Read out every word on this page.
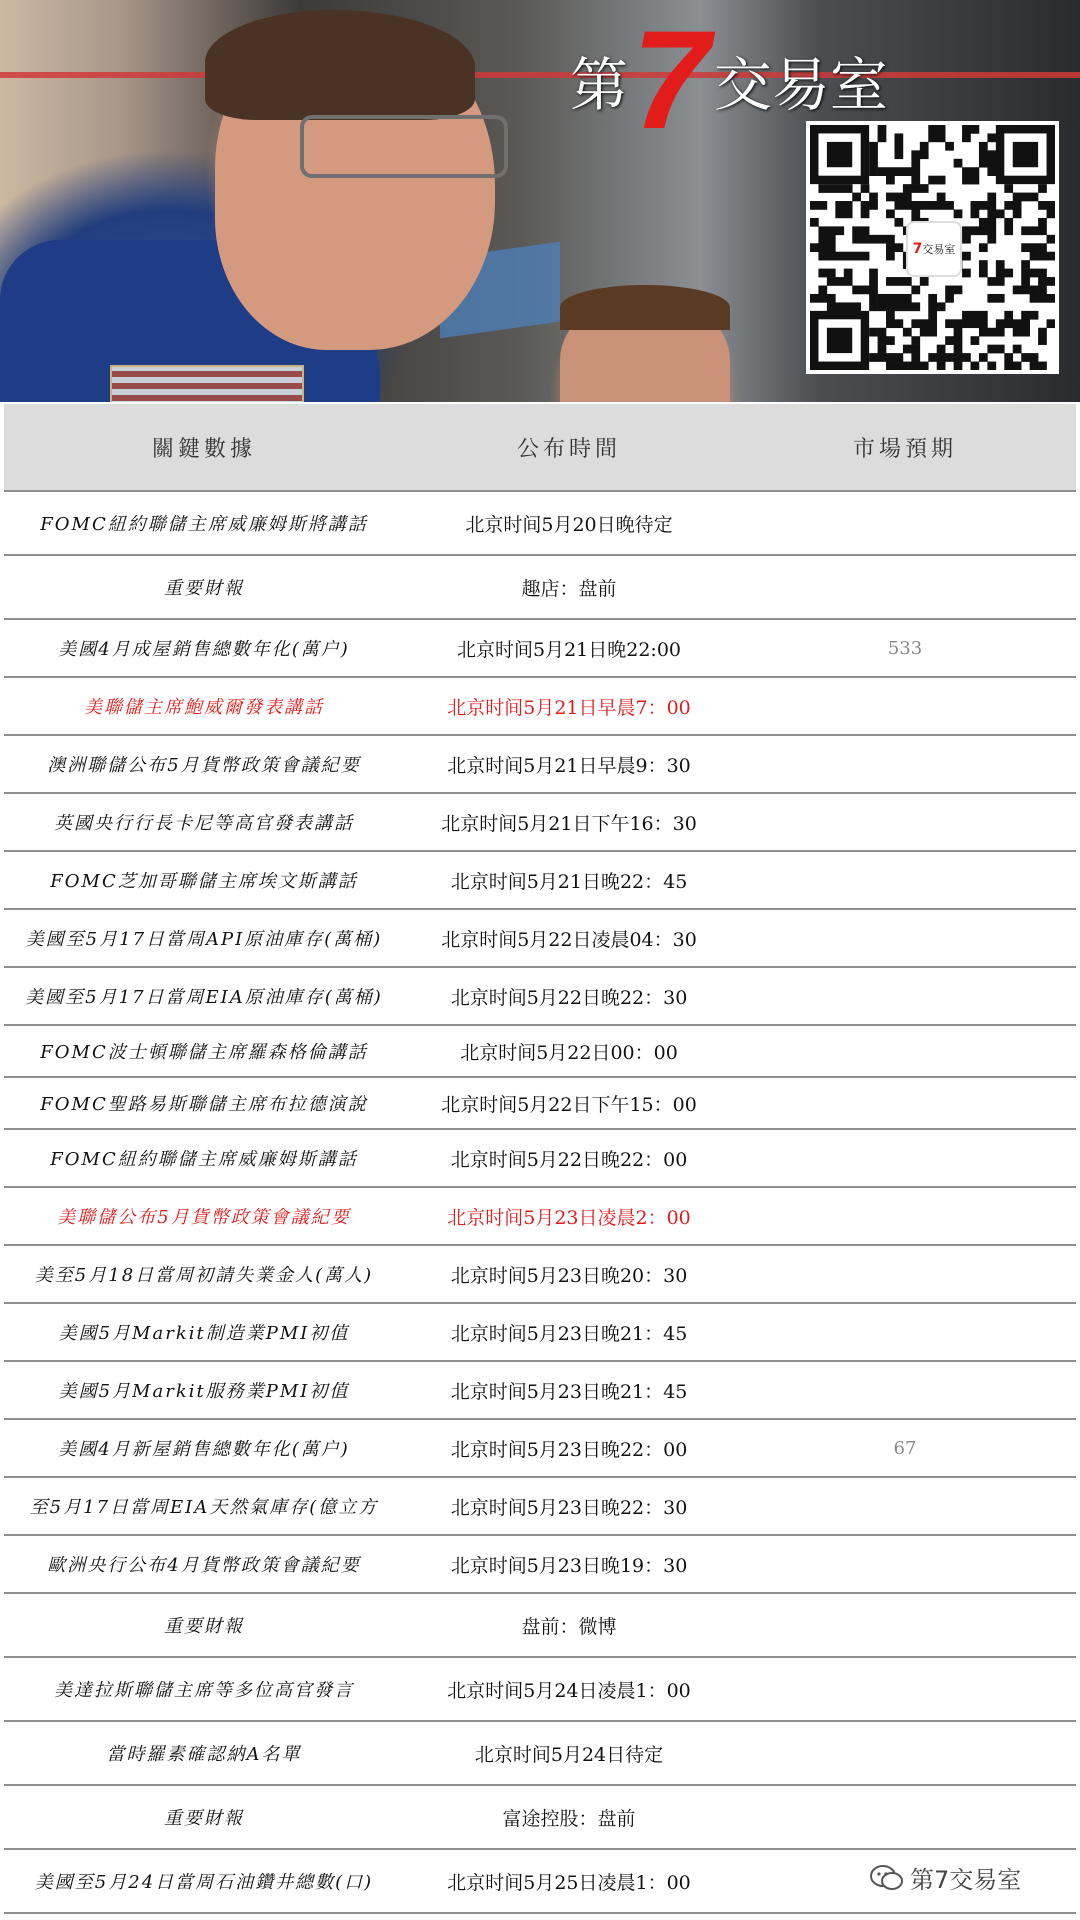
第 7 交易室
7 交易室
關鍵數據	公布時間	市場預期
FOMC紐約聯儲主席威廉姆斯將講話	北京时间5月20日晚待定
重要財報	趣店：盘前
美國4月成屋銷售總數年化(萬户)	北京时间5月21日晚22:00	533
美聯儲主席鮑威爾發表講話	北京时间5月21日早晨7：00
澳洲聯儲公布5月貨幣政策會議紀要	北京时间5月21日早晨9：30
英國央行行長卡尼等高官發表講話	北京时间5月21日下午16：30
FOMC芝加哥聯儲主席埃文斯講話	北京时间5月21日晚22：45
美國至5月17日當周API原油庫存(萬桶)	北京时间5月22日凌晨04：30
美國至5月17日當周EIA原油庫存(萬桶)	北京时间5月22日晚22：30
FOMC波士頓聯儲主席羅森格倫講話	北京时间5月22日00：00
FOMC聖路易斯聯儲主席布拉德演說	北京时间5月22日下午15：00
FOMC紐約聯儲主席威廉姆斯講話	北京时间5月22日晚22：00
美聯儲公布5月貨幣政策會議紀要	北京时间5月23日凌晨2：00
美至5月18日當周初請失業金人(萬人)	北京时间5月23日晚20：30
美國5月Markit制造業PMI初值	北京时间5月23日晚21：45
美國5月Markit服務業PMI初值	北京时间5月23日晚21：45
美國4月新屋銷售總數年化(萬户)	北京时间5月23日晚22：00	67
至5月17日當周EIA天然氣庫存(億立方	北京时间5月23日晚22：30
歐洲央行公布4月貨幣政策會議紀要	北京时间5月23日晚19：30
重要財報	盘前：微博
美達拉斯聯儲主席等多位高官發言	北京时间5月24日凌晨1：00
當時羅素確認納A名單	北京时间5月24日待定
重要財報	富途控股：盘前
美國至5月24日當周石油鑽井總數(口)	北京时间5月25日凌晨1：00	第7交易室
